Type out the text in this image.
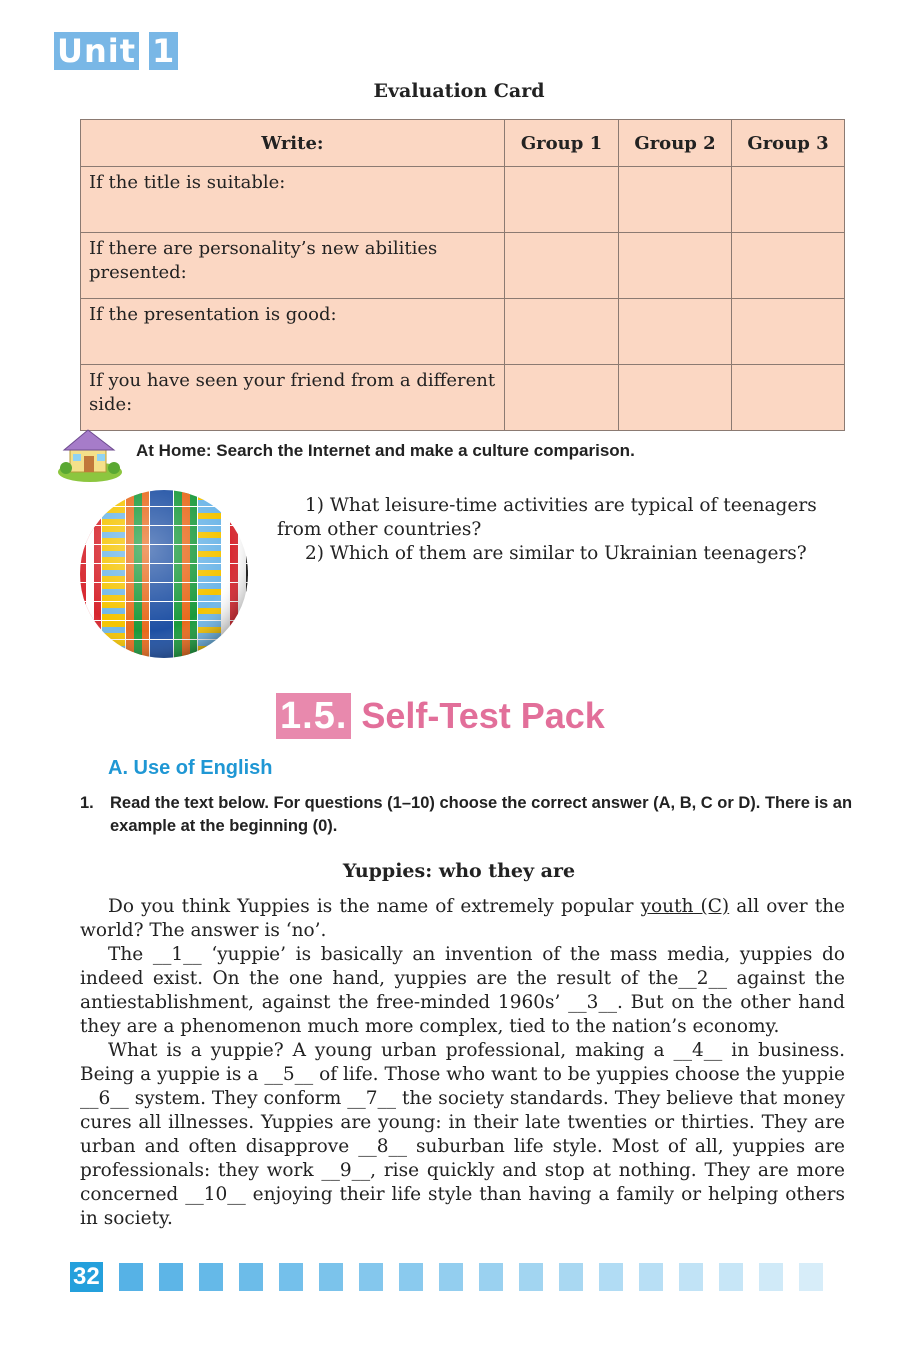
Unit 1
Evaluation Card
Write:	Group 1	Group 2	Group 3
If the title is suitable:			
If there are personality’s new abilities presented:			
If the presentation is good:			
If you have seen your friend from a different side:			
At Home: Search the Internet and make a culture comparison.

1) What leisure-time activities are typical of teenagers from other countries?

2) Which of them are similar to Ukrainian teenagers?

1.5. Self-Test Pack
A. Use of English
1. Read the text below. For questions (1–10) choose the correct answer (A, B, C or D). There is an example at the beginning (0).
Yuppies: who they are

Do you think Yuppies is the name of extremely popular youth (C) all over the world? The answer is ‘no’.

The __1__ ‘yuppie’ is basically an invention of the mass media, yuppies do indeed exist. On the one hand, yuppies are the result of the__2__ against the antiestablishment, against the free-minded 1960s’ __3__. But on the other hand they are a phenomenon much more complex, tied to the nation’s economy.

What is a yuppie? A young urban professional, making a __4__ in business. Being a yuppie is a __5__ of life. Those who want to be yuppies choose the yuppie __6__ system. They conform __7__ the society standards. They believe that money cures all illnesses. Yuppies are young: in their late twenties or thirties. They are urban and often disapprove __8__ suburban life style. Most of all, yuppies are professionals: they work __9__, rise quickly and stop at nothing. They are more concerned __10__ enjoying their life style than having a family or helping others in society.

32
